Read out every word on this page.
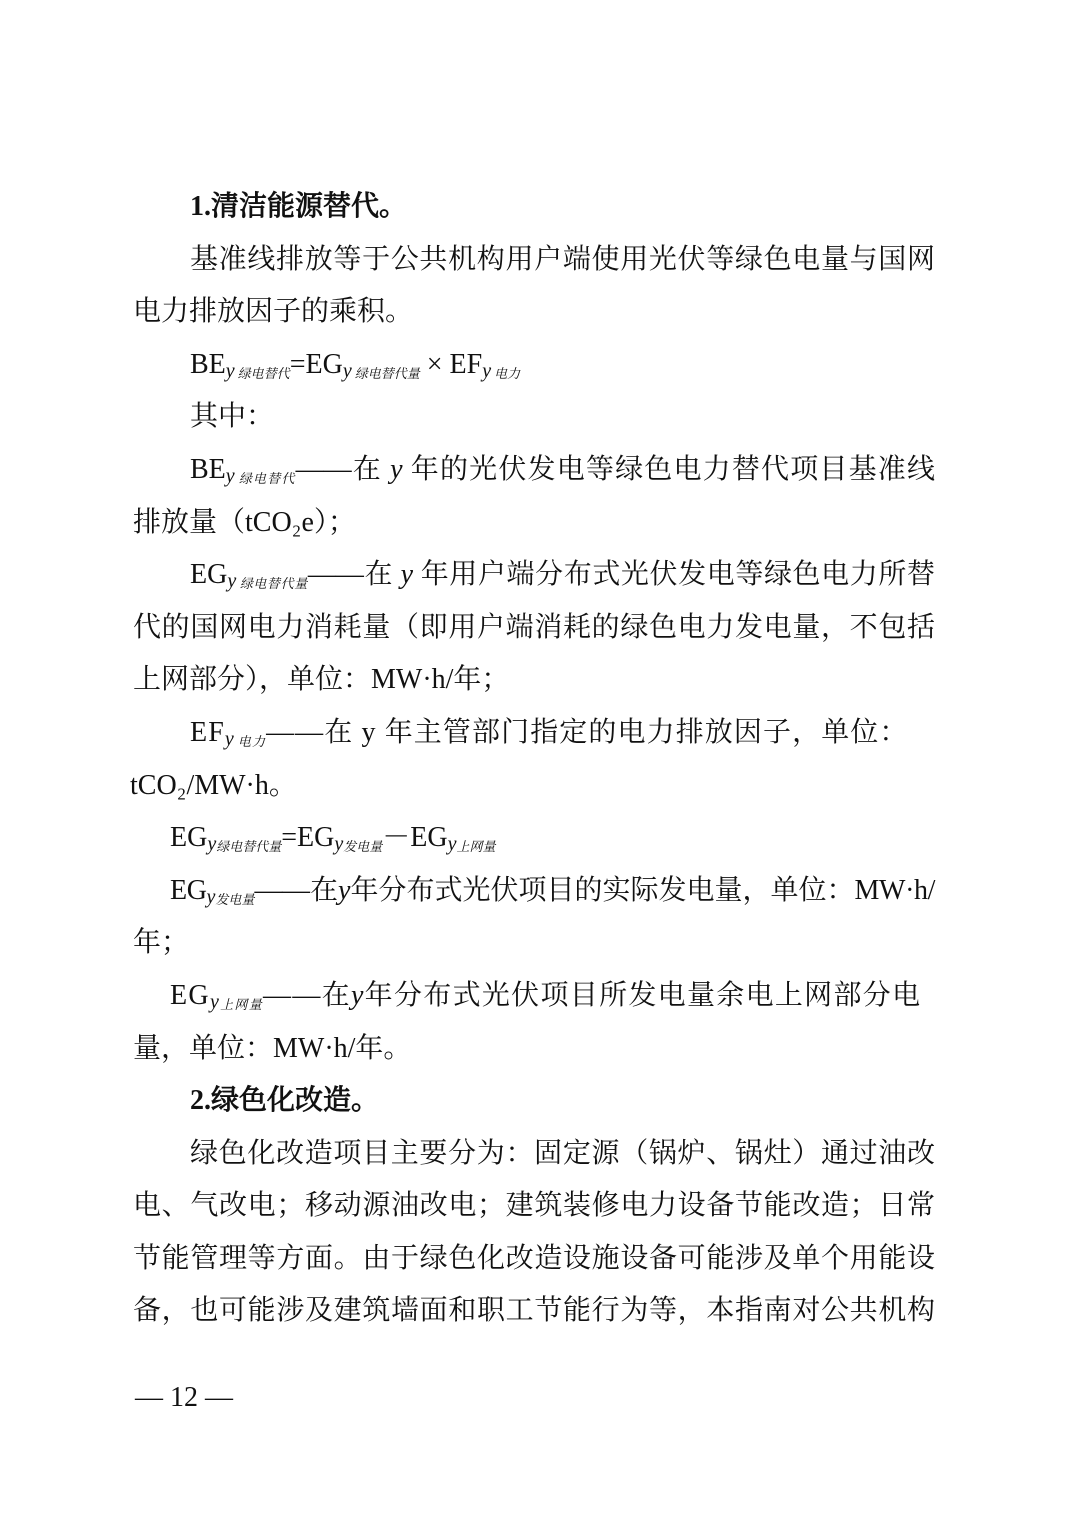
1.清洁能源替代。
基准线排放等于公共机构用户端使用光伏等绿色电量与国网
电力排放因子的乘积。
BEy 绿电替代=EGy 绿电替代量 × EFy 电力
其中：
BEy 绿电替代——在 y 年的光伏发电等绿色电力替代项目基准线
排放量（tCO₂e）；
EGy 绿电替代量——在 y 年用户端分布式光伏发电等绿色电力所替
代的国网电力消耗量（即用户端消耗的绿色电力发电量，不包括
上网部分），单位：MW·h/年；
EFy 电力——在 y 年主管部门指定的电力排放因子，单位：
tCO₂/MW·h。
EGy绿电替代量=EGy发电量－EGy上网量
EGy发电量——在y年分布式光伏项目的实际发电量，单位：MW·h/
年；
EGy上网量——在y年分布式光伏项目所发电量余电上网部分电
量，单位：MW·h/年。
2.绿色化改造。
绿色化改造项目主要分为：固定源（锅炉、锅灶）通过油改
电、气改电；移动源油改电；建筑装修电力设备节能改造；日常
节能管理等方面。由于绿色化改造设施设备可能涉及单个用能设
备，也可能涉及建筑墙面和职工节能行为等，本指南对公共机构
— 12 —
